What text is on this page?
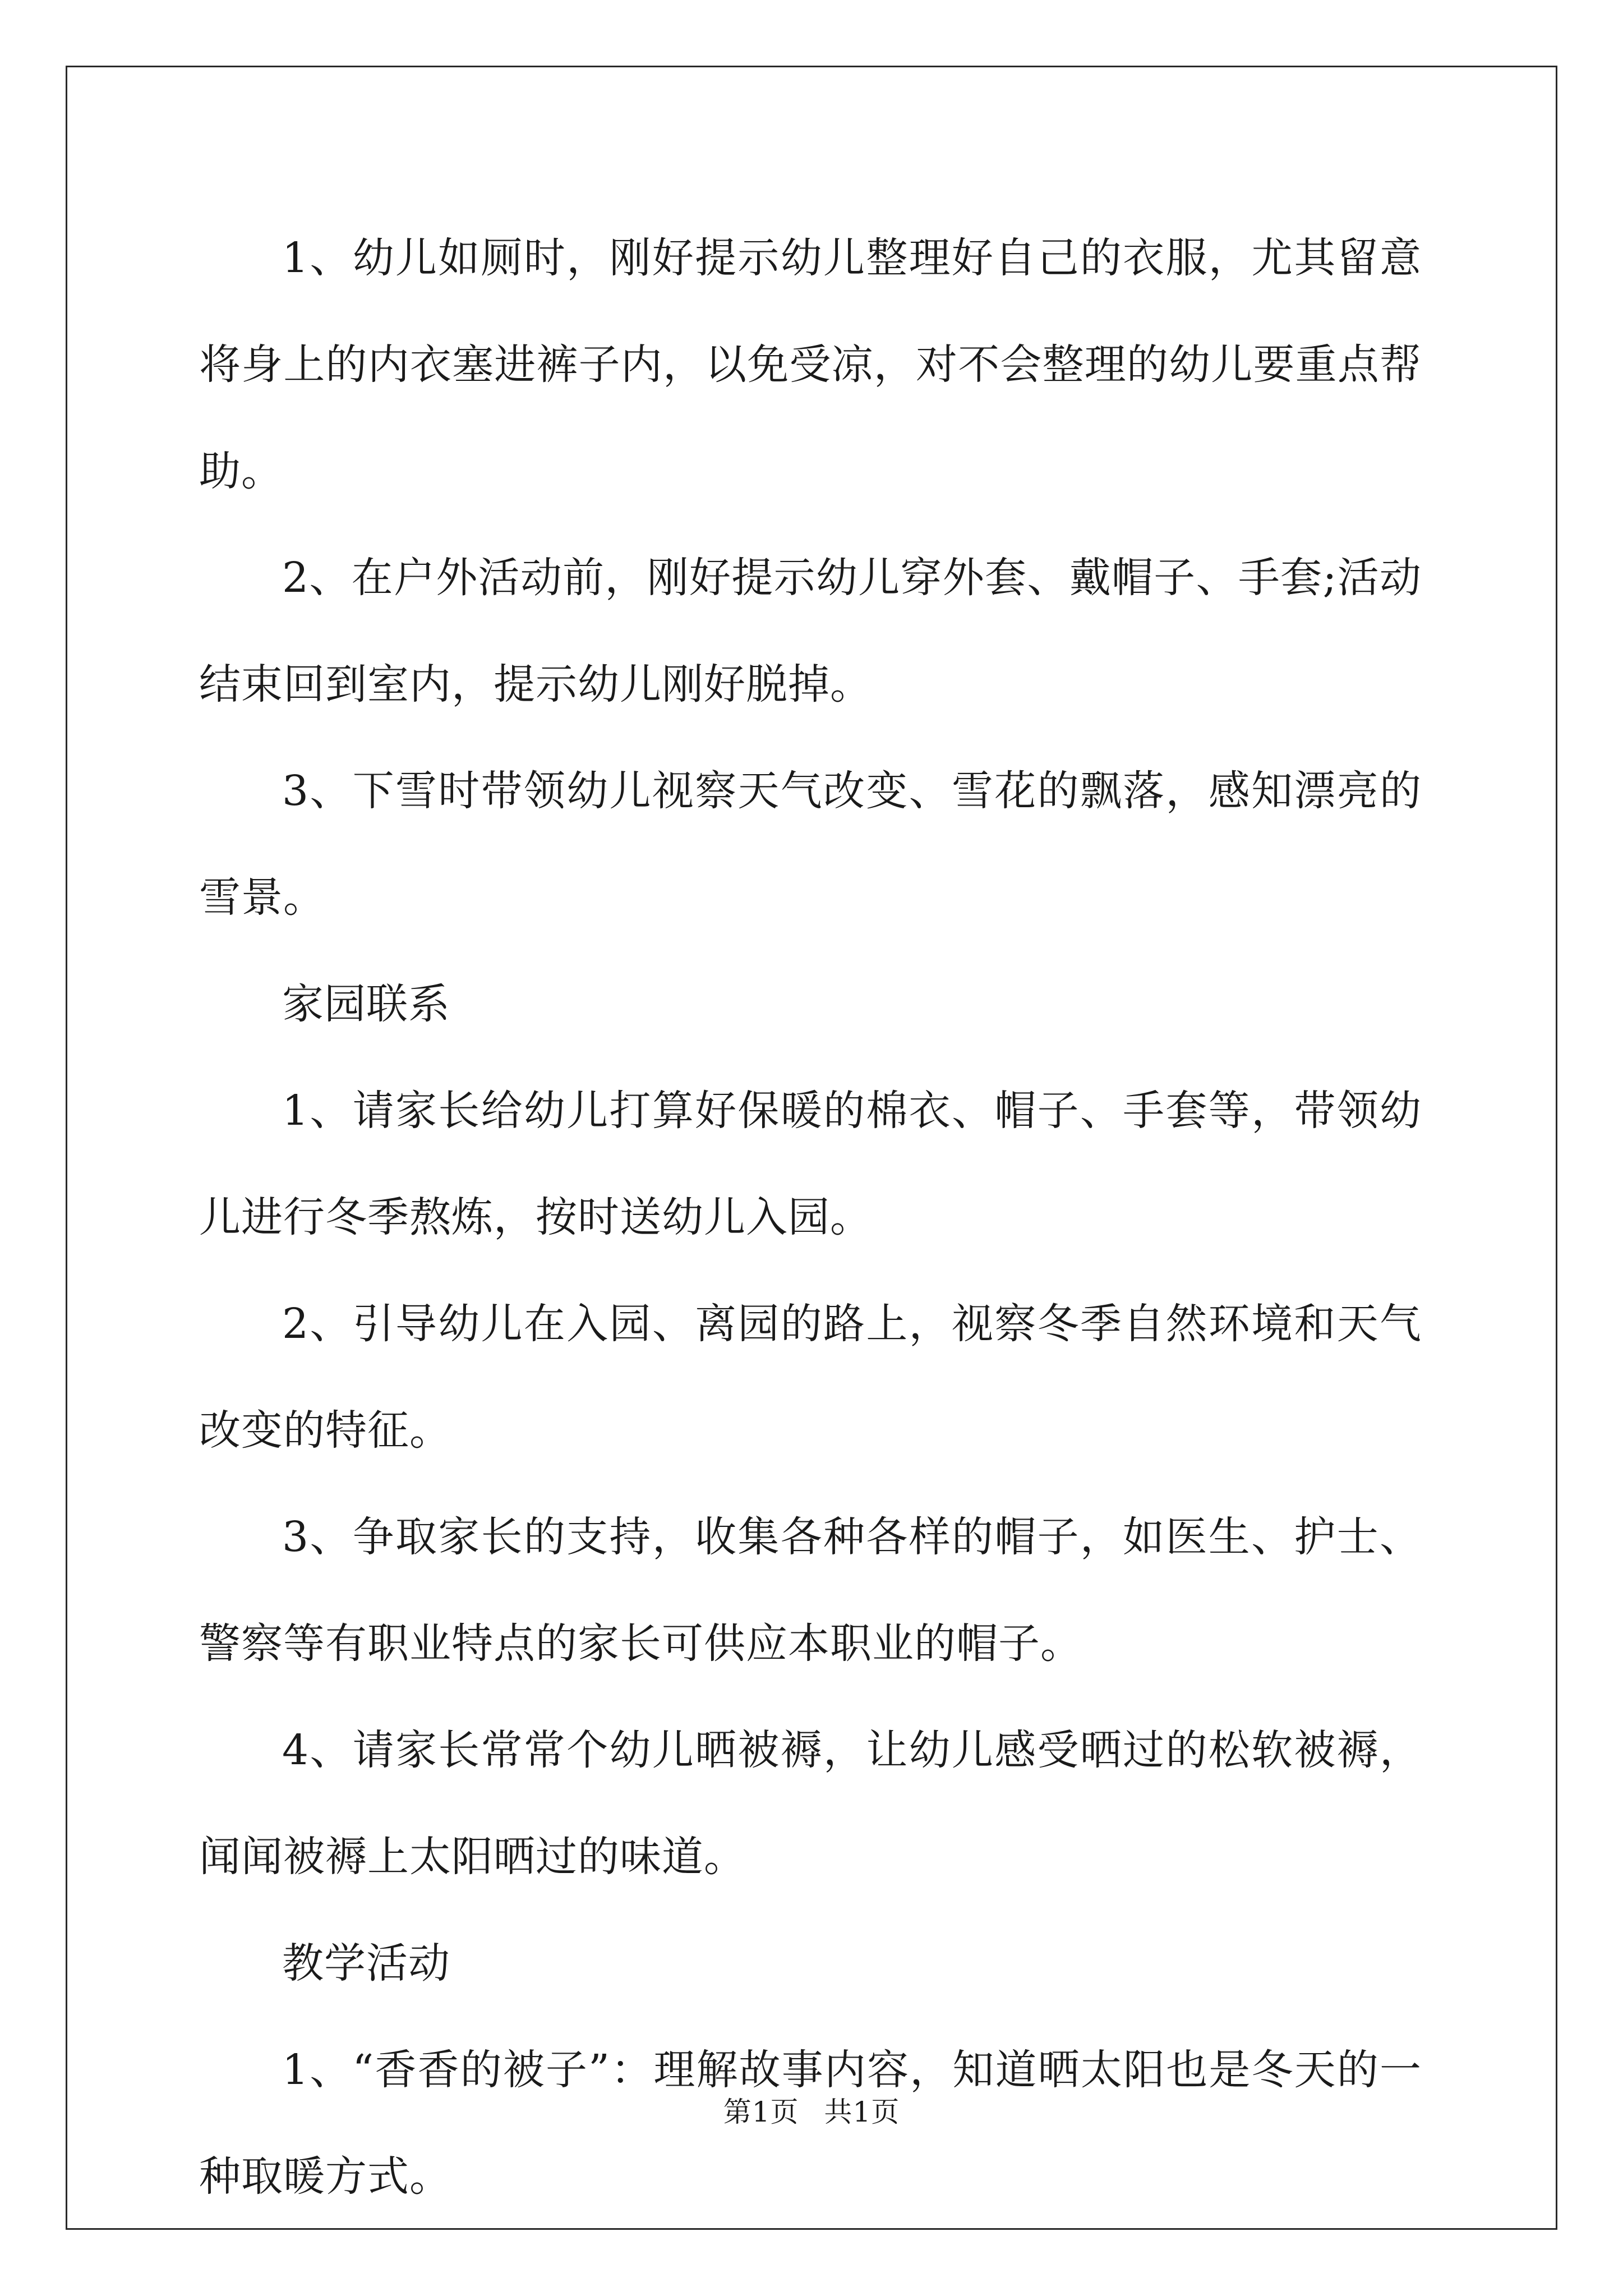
1、幼儿如厕时，刚好提示幼儿整理好自己的衣服，尤其留意将身上的内衣塞进裤子内，以免受凉，对不会整理的幼儿要重点帮助。

2、在户外活动前，刚好提示幼儿穿外套、戴帽子、手套;活动结束回到室内，提示幼儿刚好脱掉。

3、下雪时带领幼儿视察天气改变、雪花的飘落，感知漂亮的雪景。

家园联系

1、请家长给幼儿打算好保暖的棉衣、帽子、手套等，带领幼儿进行冬季熬炼，按时送幼儿入园。

2、引导幼儿在入园、离园的路上，视察冬季自然环境和天气改变的特征。

3、争取家长的支持，收集各种各样的帽子，如医生、护士、警察等有职业特点的家长可供应本职业的帽子。

4、请家长常常个幼儿晒被褥，让幼儿感受晒过的松软被褥，闻闻被褥上太阳晒过的味道。

教学活动

1、“香香的被子”：理解故事内容，知道晒太阳也是冬天的一种取暖方式。

第1页 共1页
